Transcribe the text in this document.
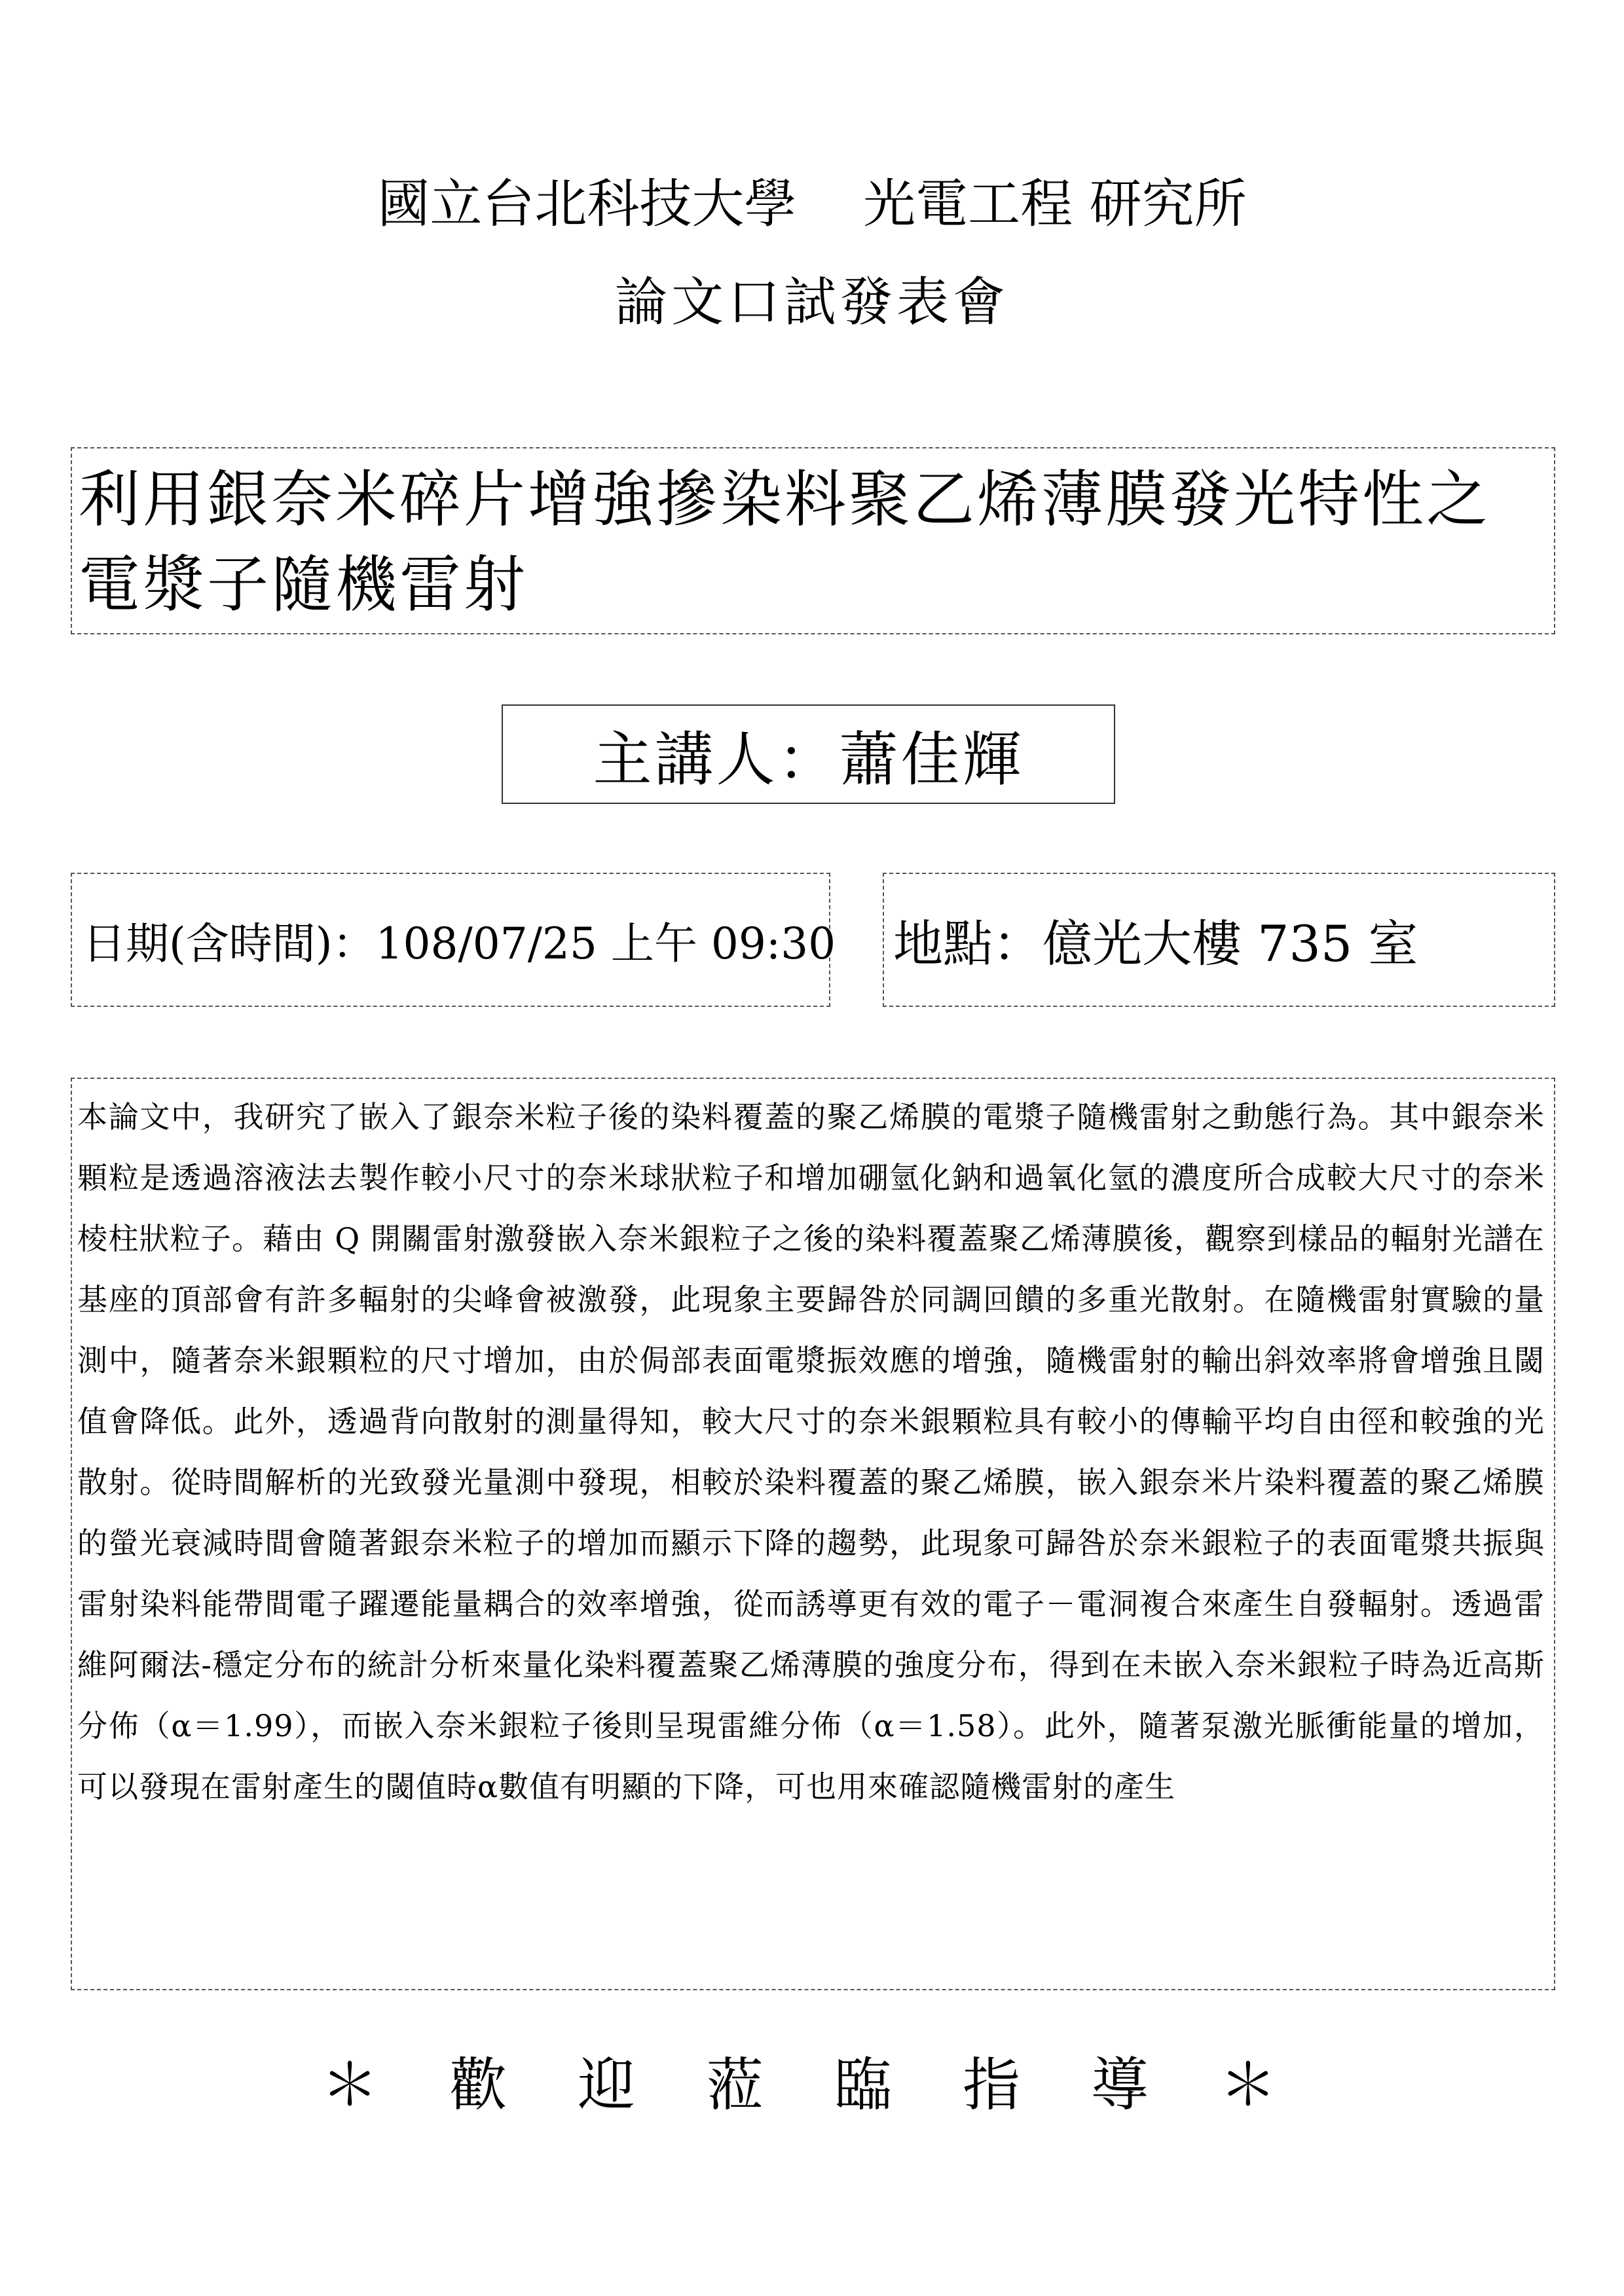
國立台北科技大學    光電工程 研究所
論文口試發表會
利用銀奈米碎片增強摻染料聚乙烯薄膜發光特性之電漿子隨機雷射
主講人：蕭佳輝
日期(含時間)：108/07/25 上午 09:30 地點：億光大樓 735 室
本論文中，我研究了嵌入了銀奈米粒子後的染料覆蓋的聚乙烯膜的電漿子隨機雷射之動態行為。其中銀奈米顆粒是透過溶液法去製作較小尺寸的奈米球狀粒子和增加硼氫化鈉和過氧化氫的濃度所合成較大尺寸的奈米棱柱狀粒子。藉由 Q 開關雷射激發嵌入奈米銀粒子之後的染料覆蓋聚乙烯薄膜後，觀察到樣品的輻射光譜在基座的頂部會有許多輻射的尖峰會被激發，此現象主要歸咎於同調回饋的多重光散射。在隨機雷射實驗的量測中，隨著奈米銀顆粒的尺寸增加，由於侷部表面電漿振效應的增強，隨機雷射的輸出斜效率將會增強且閾值會降低。此外，透過背向散射的測量得知，較大尺寸的奈米銀顆粒具有較小的傳輸平均自由徑和較強的光散射。從時間解析的光致發光量測中發現，相較於染料覆蓋的聚乙烯膜，嵌入銀奈米片染料覆蓋的聚乙烯膜的螢光衰減時間會隨著銀奈米粒子的增加而顯示下降的趨勢，此現象可歸咎於奈米銀粒子的表面電漿共振與雷射染料能帶間電子躍遷能量耦合的效率增強，從而誘導更有效的電子－電洞複合來產生自發輻射。透過雷維阿爾法-穩定分布的統計分析來量化染料覆蓋聚乙烯薄膜的強度分布，得到在未嵌入奈米銀粒子時為近高斯分佈（α＝1.99），而嵌入奈米銀粒子後則呈現雷維分佈（α＝1.58）。此外，隨著泵激光脈衝能量的增加，可以發現在雷射產生的閾值時α數值有明顯的下降，可也用來確認隨機雷射的產生
＊ 歡 迎 蒞 臨 指 導 ＊
